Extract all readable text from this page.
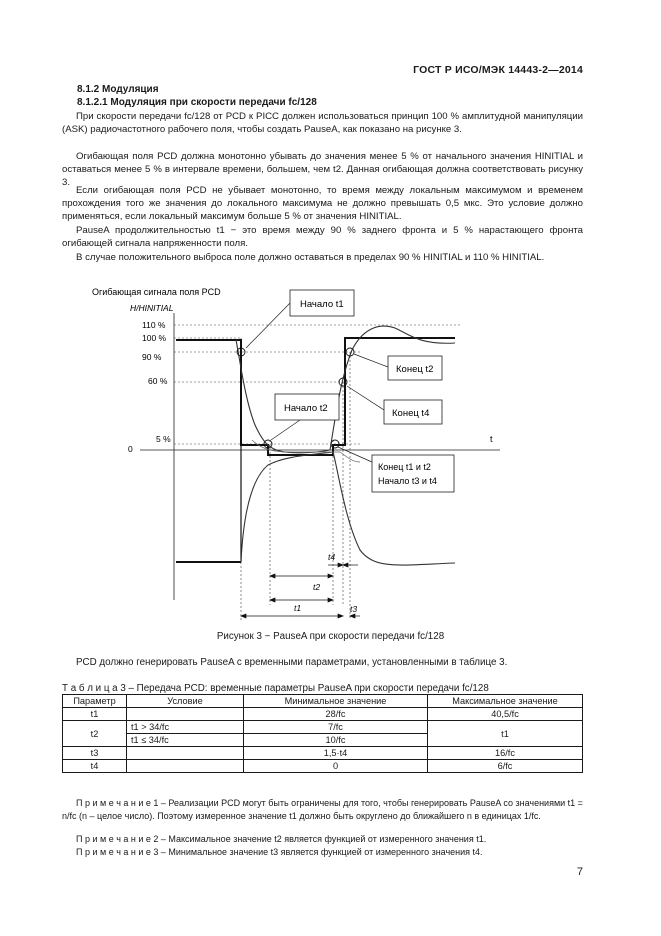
ГОСТ Р ИСО/МЭК 14443-2—2014
8.1.2 Модуляция
8.1.2.1 Модуляция при скорости передачи fc/128
При скорости передачи fc/128 от PCD к PICC должен использоваться принцип 100 % амплитудной манипуляции (ASK) радиочастотного рабочего поля, чтобы создать PauseA, как показано на рисунке 3.
Огибающая поля PCD должна монотонно убывать до значения менее 5 % от начального значения HINITIAL и оставаться менее 5 % в интервале времени, большем, чем t2. Данная огибающая должна соответствовать рисунку 3.
Если огибающая поля PCD не убывает монотонно, то время между локальным максимумом и временем прохождения того же значения до локального максимума не должно превышать 0,5 мкс. Это условие должно применяться, если локальный максимум больше 5 % от значения HINITIAL.
PauseA продолжительностью t1 − это время между 90 % заднего фронта и 5 % нарастающего фронта огибающей сигнала напряженности поля.
В случае положительного выброса поле должно оставаться в пределах 90 % HINITIAL и 110 % HINITIAL.
Огибающая сигнала поля PCD
H/HINITIAL
t
110 %
100 %
90 %
60 %
5 %
0
Начало t1
Начало t2
Конец t2
Конец t4
Конец t1 и t2
Начало t3 и t4
t4
t2
t1	t3
Рисунок 3 − PauseA при скорости передачи fc/128
PCD должно генерировать PauseA с временными параметрами, установленными в таблице 3.
Т а б л и ц а 3 – Передача PCD: временные параметры PauseA при скорости передачи fc/128
Параметр	Условие	Минимальное значение	Максимальное значение
t1		28/fc	40,5/fc
t2	t1 > 34/fc	7/fc	t1
	t1 ≤ 34/fc	10/fc	
t3		1,5·t4	16/fc
t4		0	6/fc
П р и м е ч а н и е 1 – Реализации PCD могут быть ограничены для того, чтобы генерировать PauseA со значениями t1 = n/fc (n – целое число). Поэтому измеренное значение t1 должно быть округлено до ближайшего n в единицах 1/fc.
П р и м е ч а н и е 2 – Максимальное значение t2 является функцией от измеренного значения t1.
П р и м е ч а н и е 3 – Минимальное значение t3 является функцией от измеренного значения t4.
7
